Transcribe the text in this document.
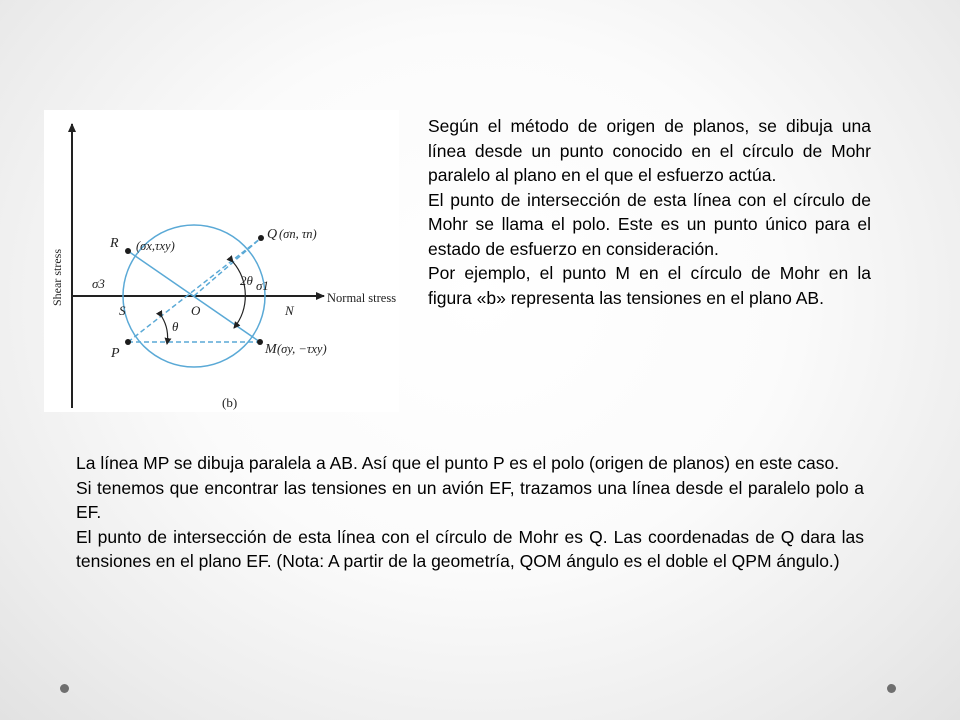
Shear stress	Normal stress
R (σx,τxy)
Q (σn, τn)
σ3	2θ σ1
S	O	N
θ
P	M (σy, −τxy)
(b)

Según el método de origen de planos, se dibuja una línea desde un punto conocido en el círculo de Mohr paralelo al plano en el que el esfuerzo actúa.
El punto de intersección de esta línea con el círculo de Mohr se llama el polo. Este es un punto único para el estado de esfuerzo en consideración.
Por ejemplo, el punto M en el círculo de Mohr en la figura «b» representa las tensiones en el plano AB.

La línea MP se dibuja paralela a AB. Así que el punto P es el polo (origen de planos) en este caso.
Si tenemos que encontrar las tensiones en un avión EF, trazamos una línea desde el paralelo polo a EF.
El punto de intersección de esta línea con el círculo de Mohr es Q. Las coordenadas de Q dara las tensiones en el plano EF. (Nota: A partir de la geometría, QOM ángulo es el doble el QPM ángulo.)
